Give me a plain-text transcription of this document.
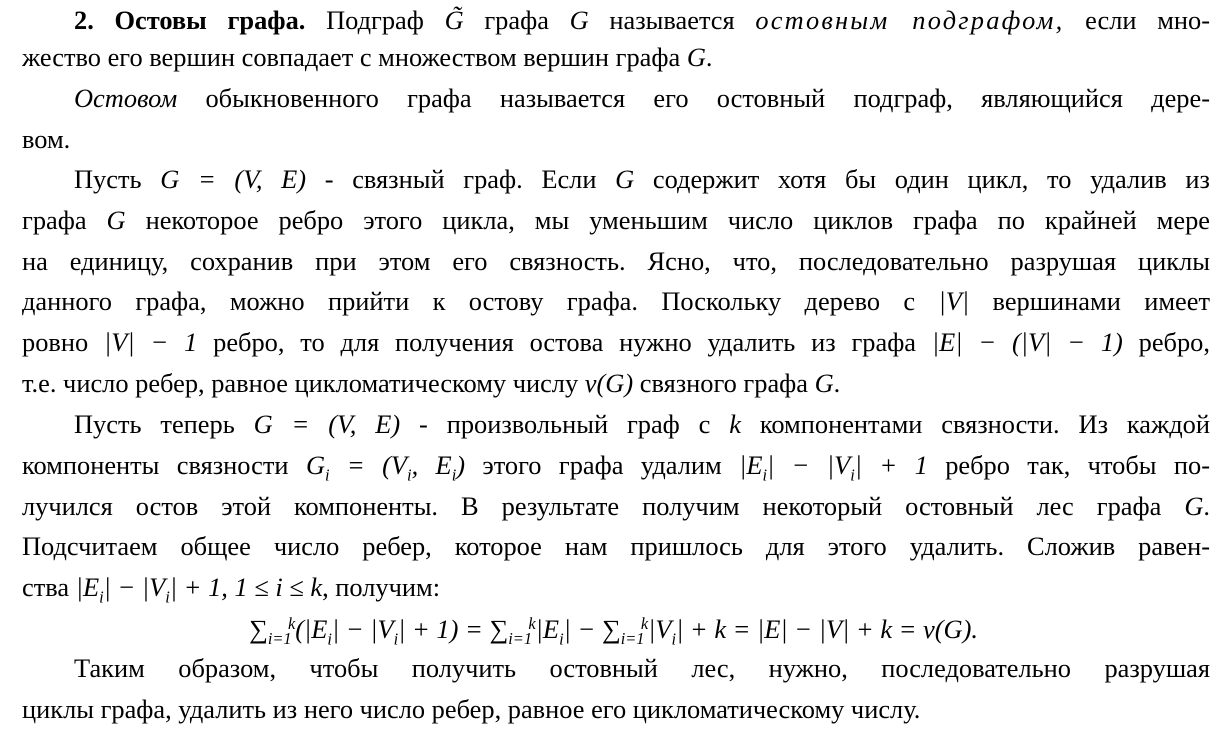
2. Остовы графа. Подграф G̃ графа G называется остовным подграфом, если мно-
жество его вершин совпадает с множеством вершин графа G.
Остовом обыкновенного графа называется его остовный подграф, являющийся дере-
вом.
Пусть G = (V, E) - связный граф. Если G содержит хотя бы один цикл, то удалив из
графа G некоторое ребро этого цикла, мы уменьшим число циклов графа по крайней мере
на единицу, сохранив при этом его связность. Ясно, что, последовательно разрушая циклы
данного графа, можно прийти к остову графа. Поскольку дерево с |V| вершинами имеет
ровно |V| − 1 ребро, то для получения остова нужно удалить из графа |E| − (|V| − 1) ребро,
т.е. число ребер, равное цикломатическому числу ν(G) связного графа G.
Пусть теперь G = (V, E) - произвольный граф с k компонентами связности. Из каждой
компоненты связности $G_i = (V_i$, $E_i$) этого графа удалим $|E_i| - |V_i| + 1$ ребро так, чтобы по-
лучился остов этой компоненты. В результате получим некоторый остовный лес графа G.
Подсчитаем общее число ребер, которое нам пришлось для этого удалить. Сложив равен-
ства $|E_i| - |V_i| + 1$, 1 ≤ i ≤ k, получим:
$\sum i=1k(|E_i| - |V_i| + 1) = \sum i=1k|E_i| - \sum i=1k|V_i| + k = |E| - |V| + k = \nu(G)$.
Таким образом, чтобы получить остовный лес, нужно, последовательно разрушая
циклы графа, удалить из него число ребер, равное его цикломатическому числу.
